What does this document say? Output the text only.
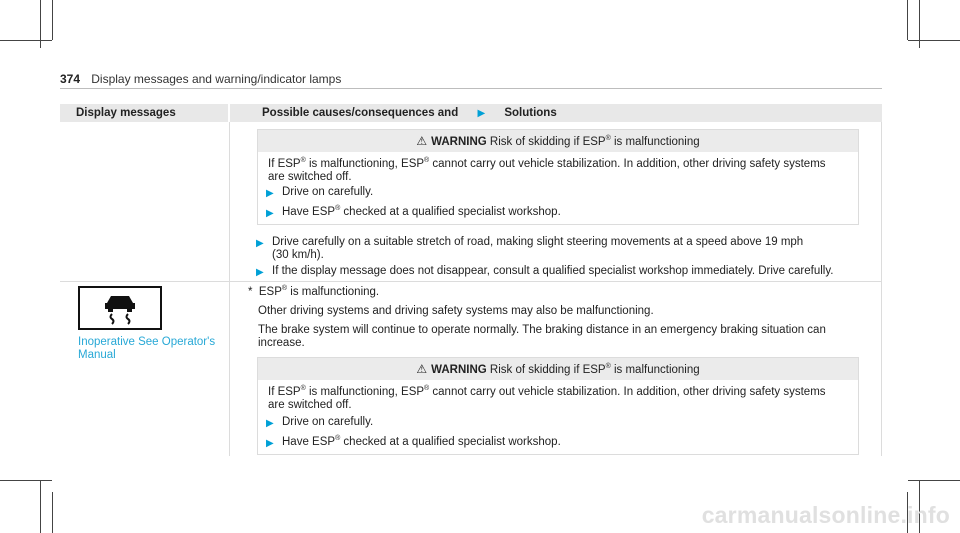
374 Display messages and warning/indicator lamps
Display messages	Possible causes/consequences and ▶ Solutions
⚠ WARNING Risk of skidding if ESP® is malfunctioning
If ESP® is malfunctioning, ESP® cannot carry out vehicle stabilization. In addition, other driving safety systems
are switched off.
▶ Drive on carefully.
▶ Have ESP® checked at a qualified specialist workshop.
▶ Drive carefully on a suitable stretch of road, making slight steering movements at a speed above 19 mph
(30 km/h).
▶ If the display message does not disappear, consult a qualified specialist workshop immediately. Drive carefully.
Inoperative See Operator's
Manual
* ESP® is malfunctioning.
Other driving systems and driving safety systems may also be malfunctioning.
The brake system will continue to operate normally. The braking distance in an emergency braking situation can
increase.
⚠ WARNING Risk of skidding if ESP® is malfunctioning
If ESP® is malfunctioning, ESP® cannot carry out vehicle stabilization. In addition, other driving safety systems
are switched off.
▶ Drive on carefully.
▶ Have ESP® checked at a qualified specialist workshop.
carmanualsonline.info
